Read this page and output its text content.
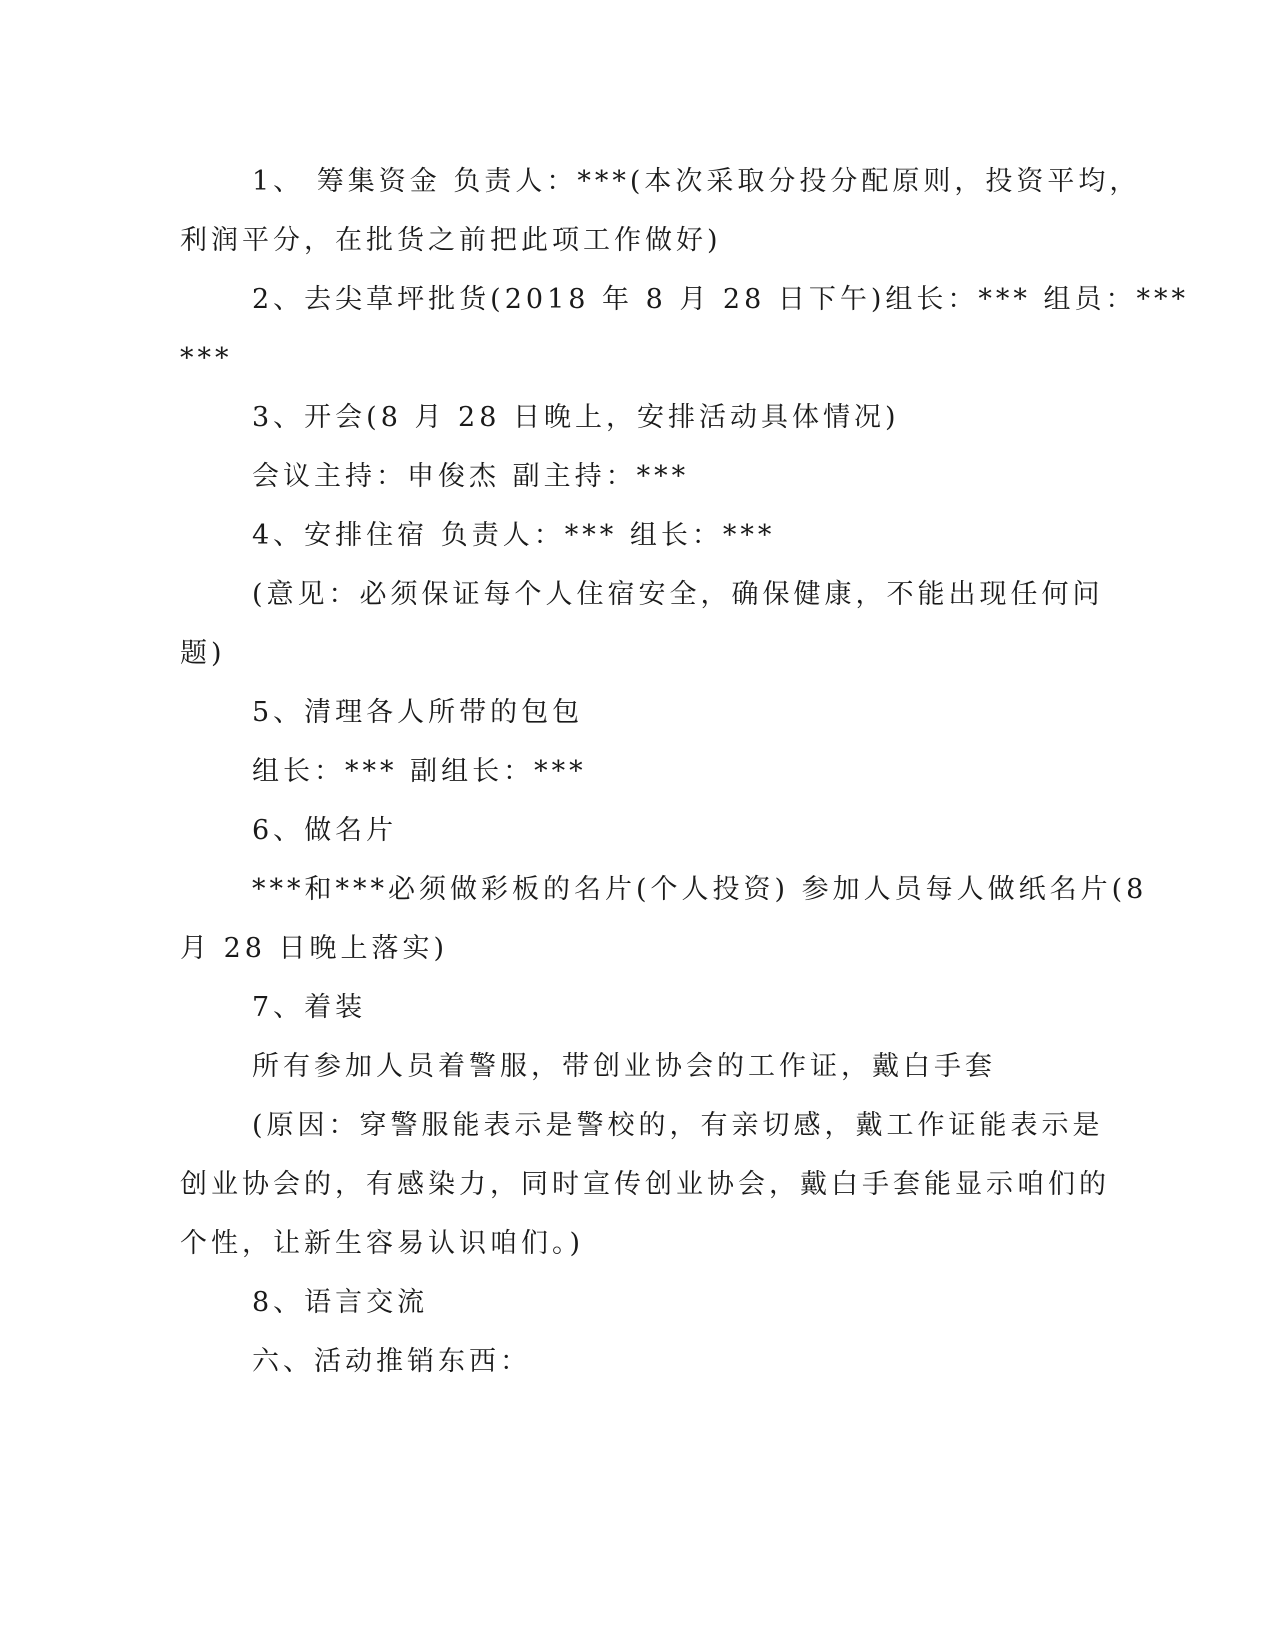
1、 筹集资金 负责人：***(本次采取分投分配原则，投资平均，
利润平分，在批货之前把此项工作做好)
2、去尖草坪批货(2018 年 8 月 28 日下午)组长：*** 组员：***
***
3、开会(8 月 28 日晚上，安排活动具体情况)
会议主持：申俊杰 副主持：***
4、安排住宿 负责人：*** 组长：***
(意见：必须保证每个人住宿安全，确保健康，不能出现任何问
题)
5、清理各人所带的包包
组长：*** 副组长：***
6、做名片
***和***必须做彩板的名片(个人投资) 参加人员每人做纸名片(8
月 28 日晚上落实)
7、着装
所有参加人员着警服，带创业协会的工作证，戴白手套
(原因：穿警服能表示是警校的，有亲切感，戴工作证能表示是
创业协会的，有感染力，同时宣传创业协会，戴白手套能显示咱们的
个性，让新生容易认识咱们。)
8、语言交流
六、活动推销东西：
